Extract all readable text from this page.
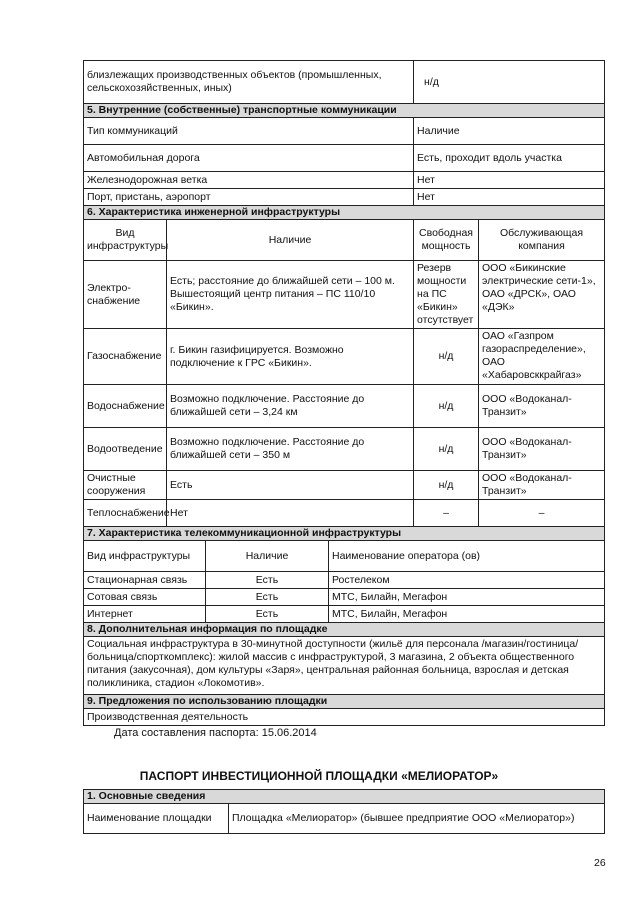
близлежащих производственных объектов (промышленных, сельскохозяйственных, иных)				н/д	
5. Внутренние (собственные) транспортные коммуникации					
Тип коммуникаций				Наличие	
Автомобильная дорога				Есть, проходит вдоль участка	
Железнодорожная ветка				Нет	
Порт, пристань, аэропорт				Нет	
6. Характеристика инженерной инфраструктуры					
Вид инфраструктуры	Наличие			Свободная мощность	Обслуживающая компания
Электро-снабжение	Есть; расстояние до ближайшей сети – 100 м. Вышестоящий центр питания – ПС 110/10 «Бикин».			Резерв мощности на ПС «Бикин» отсутствует	ООО «Бикинские электрические сети-1», ОАО «ДРСК», ОАО «ДЭК»
Газоснабжение	г. Бикин газифицируется. Возможно подключение к ГРС «Бикин».			н/д	ОАО «Газпром газораспределение», ОАО «Хабаровсккрайгаз»
Водоснабжение	Возможно подключение. Расстояние до ближайшей сети – 3,24 км			н/д	ООО «Водоканал-Транзит»
Водоотведение	Возможно подключение. Расстояние до ближайшей сети – 350 м			н/д	ООО «Водоканал-Транзит»
Очистные сооружения	Есть			н/д	ООО «Водоканал-Транзит»
Теплоснабжение	Нет			–	–
7. Характеристика телекоммуникационной инфраструктуры					
Вид инфраструктуры		Наличие	Наименование оператора (ов)		
Стационарная связь		Есть	Ростелеком		
Сотовая связь		Есть	МТС, Билайн, Мегафон		
Интернет		Есть	МТС, Билайн, Мегафон		
8. Дополнительная информация по площадке					
Социальная инфраструктура в 30-минутной доступности (жильё для персонала /магазин/гостиница/больница/спорткомплекс): жилой массив с инфраструктурой, 3 магазина, 2 объекта общественного питания (закусочная), дом культуры «Заря», центральная районная больница, взрослая и детская поликлиника, стадион «Локомотив».					
9. Предложения по использованию площадки					
Производственная деятельность					
Дата составления паспорта: 15.06.2014
ПАСПОРТ ИНВЕСТИЦИОННОЙ ПЛОЩАДКИ «МЕЛИОРАТОР»
1. Основные сведения
Наименование площадки	Площадка «Мелиоратор» (бывшее предприятие ООО «Мелиоратор»)
26
